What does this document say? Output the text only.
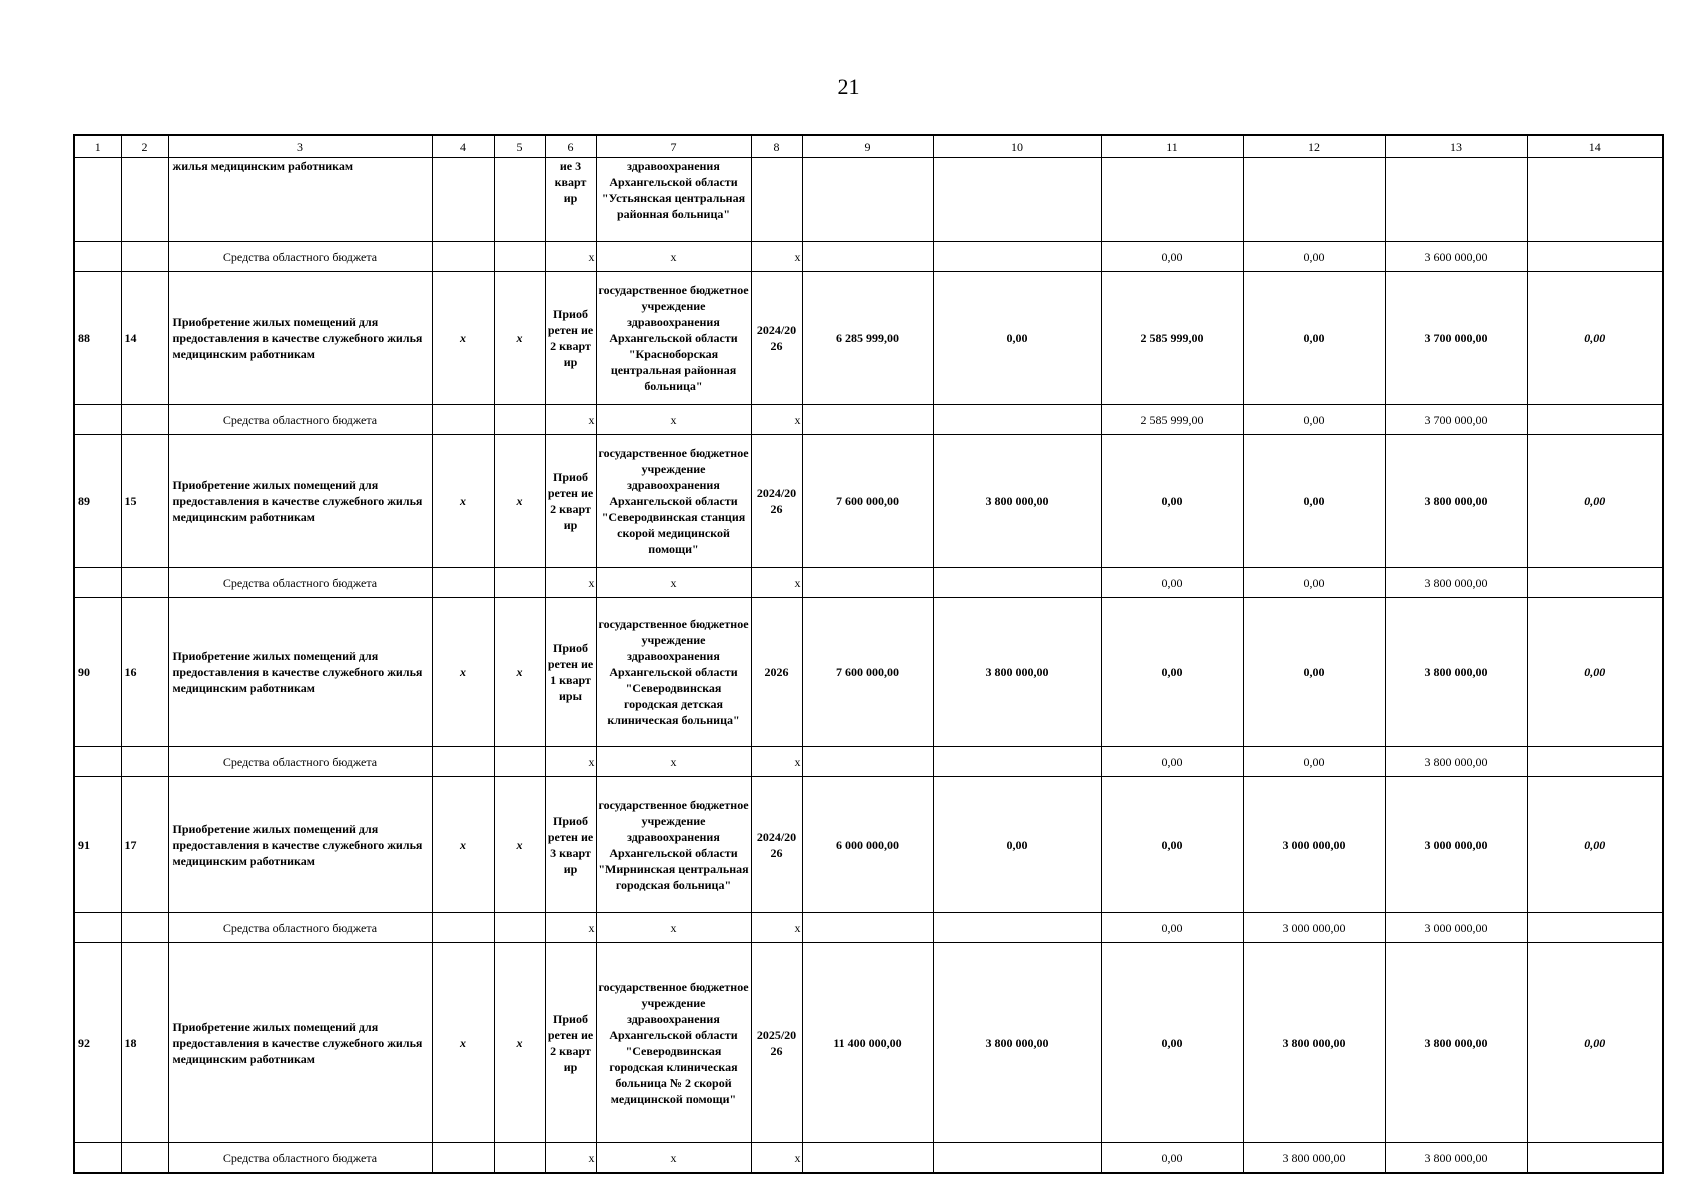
21
1	2	3	4	5	6	7	8	9	10	11	12	13	14
		жилья медицинским работникам			ие 3 кварт ир	здравоохранения Архангельской области "Устьянская центральная районная больница"							
		Средства областного бюджета			x	x	x			0,00	0,00	3 600 000,00	
88	14	Приобретение жилых помещений для предоставления в качестве служебного жилья медицинским работникам	x	x	Приоб ретен ие 2 кварт ир	государственное бюджетное учреждение здравоохранения Архангельской области "Красноборская центральная районная больница"	2024/20 26	6 285 999,00	0,00	2 585 999,00	0,00	3 700 000,00	0,00
		Средства областного бюджета			x	x	x			2 585 999,00	0,00	3 700 000,00	
89	15	Приобретение жилых помещений для предоставления в качестве служебного жилья медицинским работникам	x	x	Приоб ретен ие 2 кварт ир	государственное бюджетное учреждение здравоохранения Архангельской области "Северодвинская станция скорой медицинской помощи"	2024/20 26	7 600 000,00	3 800 000,00	0,00	0,00	3 800 000,00	0,00
		Средства областного бюджета			x	x	x			0,00	0,00	3 800 000,00	
90	16	Приобретение жилых помещений для предоставления в качестве служебного жилья медицинским работникам	x	x	Приоб ретен ие 1 кварт иры	государственное бюджетное учреждение здравоохранения Архангельской области "Северодвинская городская детская клиническая больница"	2026	7 600 000,00	3 800 000,00	0,00	0,00	3 800 000,00	0,00
		Средства областного бюджета			x	x	x			0,00	0,00	3 800 000,00	
91	17	Приобретение жилых помещений для предоставления в качестве служебного жилья медицинским работникам	x	x	Приоб ретен ие 3 кварт ир	государственное бюджетное учреждение здравоохранения Архангельской области "Мирнинская центральная городская больница"	2024/20 26	6 000 000,00	0,00	0,00	3 000 000,00	3 000 000,00	0,00
		Средства областного бюджета			x	x	x			0,00	3 000 000,00	3 000 000,00	
92	18	Приобретение жилых помещений для предоставления в качестве служебного жилья медицинским работникам	x	x	Приоб ретен ие 2 кварт ир	государственное бюджетное учреждение здравоохранения Архангельской области "Северодвинская городская клиническая больница № 2 скорой медицинской помощи"	2025/20 26	11 400 000,00	3 800 000,00	0,00	3 800 000,00	3 800 000,00	0,00
		Средства областного бюджета			x	x	x			0,00	3 800 000,00	3 800 000,00	
